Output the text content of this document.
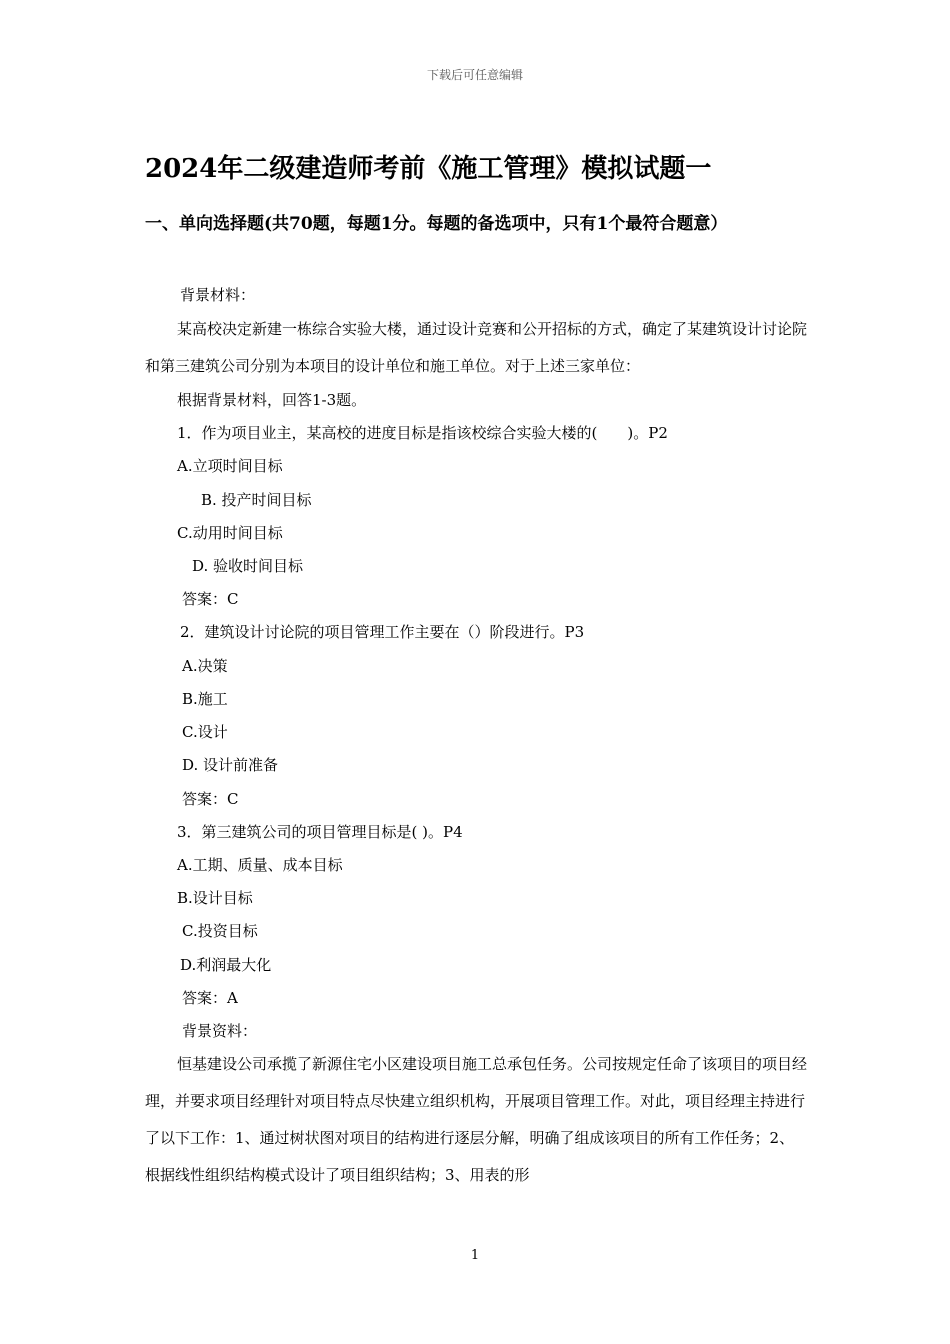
下载后可任意编辑
2024年二级建造师考前《施工管理》模拟试题一
一、单向选择题(共70题，每题1分。每题的备选项中，只有1个最符合题意）
背景材料：
某高校决定新建一栋综合实验大楼，通过设计竞赛和公开招标的方式，确定了某建筑设计讨论院和第三建筑公司分别为本项目的设计单位和施工单位。对于上述三家单位：
根据背景材料，回答1-3题。
1．作为项目业主，某高校的进度目标是指该校综合实验大楼的(　　)。P2
A.立项时间目标
B. 投产时间目标
C.动用时间目标
D. 验收时间目标
答案：C
2．建筑设计讨论院的项目管理工作主要在（）阶段进行。P3
A.决策
B.施工
C.设计
D. 设计前准备
答案：C
3．第三建筑公司的项目管理目标是( )。P4
A.工期、质量、成本目标
B.设计目标
C.投资目标
D.利润最大化
答案：A
背景资料：
恒基建设公司承揽了新源住宅小区建设项目施工总承包任务。公司按规定任命了该项目的项目经理，并要求项目经理针对项目特点尽快建立组织机构，开展项目管理工作。对此，项目经理主持进行了以下工作：1、通过树状图对项目的结构进行逐层分解，明确了组成该项目的所有工作任务；2、根据线性组织结构模式设计了项目组织结构；3、用表的形
1
